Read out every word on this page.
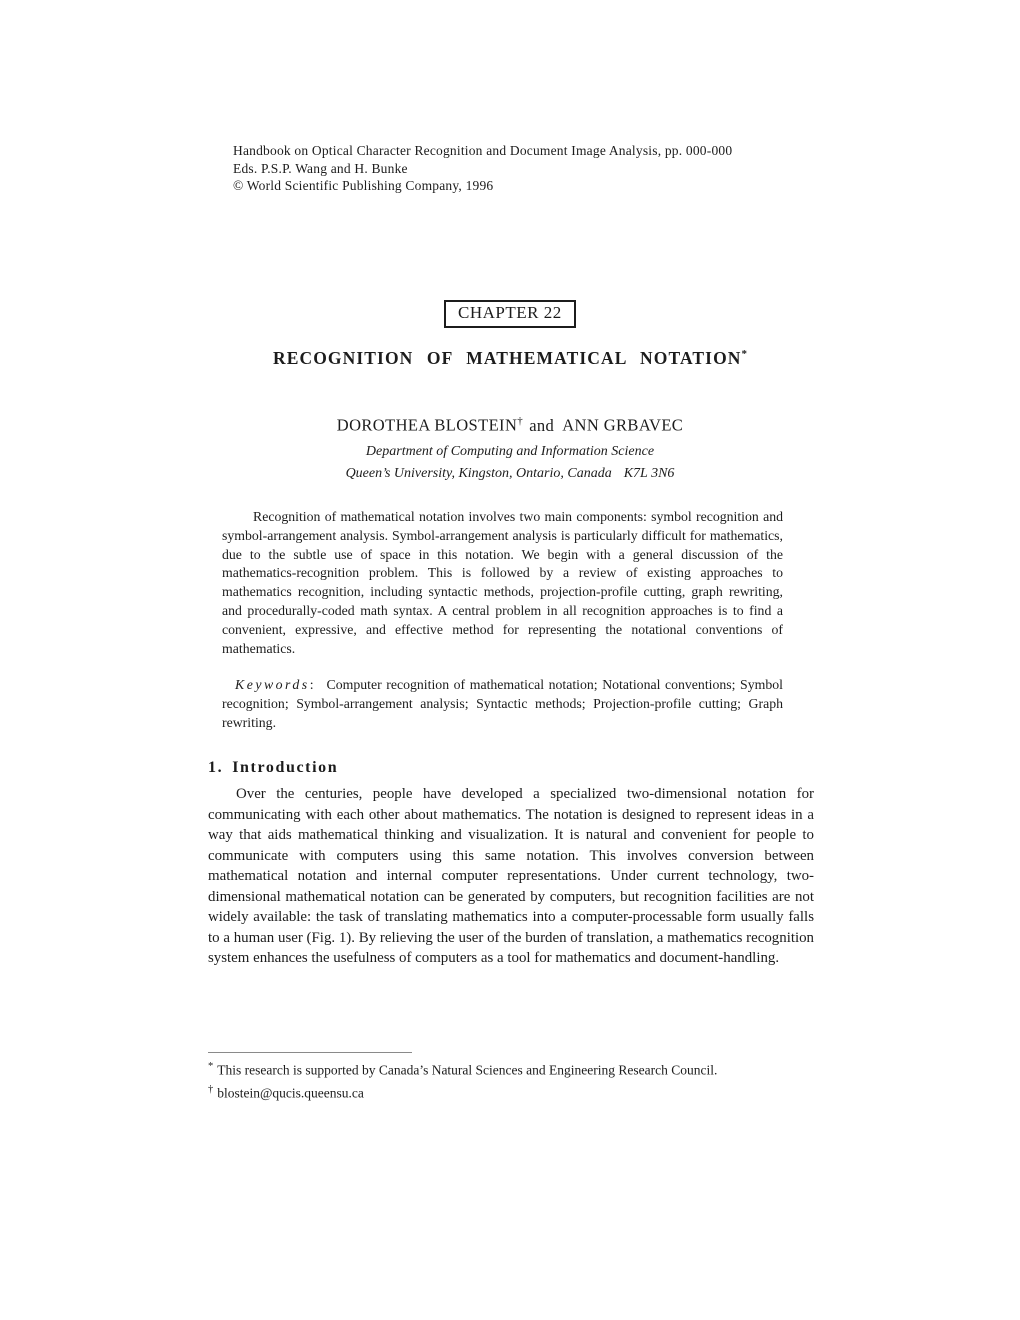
Handbook on Optical Character Recognition and Document Image Analysis, pp. 000-000
Eds. P.S.P. Wang and H. Bunke
© World Scientific Publishing Company, 1996
CHAPTER 22
RECOGNITION OF MATHEMATICAL NOTATION*
DOROTHEA BLOSTEIN† and ANN GRBAVEC
Department of Computing and Information Science
Queen’s University, Kingston, Ontario, Canada K7L 3N6

Recognition of mathematical notation involves two main components: symbol recognition and symbol-arrangement analysis. Symbol-arrangement analysis is particularly difficult for mathematics, due to the subtle use of space in this notation. We begin with a general discussion of the mathematics-recognition problem. This is followed by a review of existing approaches to mathematics recognition, including syntactic methods, projection-profile cutting, graph rewriting, and procedurally-coded math syntax. A central problem in all recognition approaches is to find a convenient, expressive, and effective method for representing the notational conventions of mathematics.

Keywords: Computer recognition of mathematical notation; Notational conventions; Symbol recognition; Symbol-arrangement analysis; Syntactic methods; Projection-profile cutting; Graph rewriting.

1. Introduction

Over the centuries, people have developed a specialized two-dimensional notation for communicating with each other about mathematics. The notation is designed to represent ideas in a way that aids mathematical thinking and visualization. It is natural and convenient for people to communicate with computers using this same notation. This involves conversion between mathematical notation and internal computer representations. Under current technology, two-dimensional mathematical notation can be generated by computers, but recognition facilities are not widely available: the task of translating mathematics into a computer-processable form usually falls to a human user (Fig. 1). By relieving the user of the burden of translation, a mathematics recognition system enhances the usefulness of computers as a tool for mathematics and document-handling.

* This research is supported by Canada’s Natural Sciences and Engineering Research Council.
† blostein@qucis.queensu.ca
